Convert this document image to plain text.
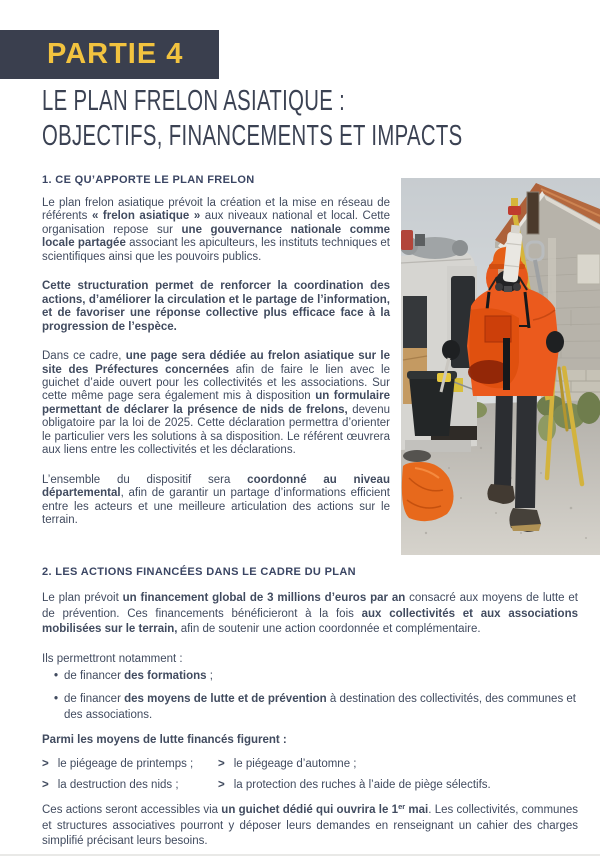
PARTIE 4
LE PLAN FRELON ASIATIQUE :
OBJECTIFS, FINANCEMENTS ET IMPACTS
1. CE QU’APPORTE LE PLAN FRELON

Le plan frelon asiatique prévoit la création et la mise en réseau de référents « frelon asiatique » aux niveaux national et local. Cette organisation repose sur une gouvernance nationale comme locale partagée associant les apiculteurs, les instituts techniques et scientifiques ainsi que les pouvoirs publics.

Cette structuration permet de renforcer la coordination des actions, d’améliorer la circulation et le partage de l’information, et de favoriser une réponse collective plus efficace face à la progression de l’espèce.

Dans ce cadre, une page sera dédiée au frelon asiatique sur le site des Préfectures concernées afin de faire le lien avec le guichet d’aide ouvert pour les collectivités et les associations. Sur cette même page sera également mis à disposition un formulaire permettant de déclarer la présence de nids de frelons, devenu obligatoire par la loi de 2025. Cette déclaration permettra d’orienter le particulier vers les solutions à sa disposition. Le référent œuvrera aux liens entre les collectivités et les déclarations.

L’ensemble du dispositif sera coordonné au niveau départemental, afin de garantir un partage d’informations efficient entre les acteurs et une meilleure articulation des actions sur le terrain.

2. LES ACTIONS FINANCÉES DANS LE CADRE DU PLAN

Le plan prévoit un financement global de 3 millions d’euros par an consacré aux moyens de lutte et de prévention. Ces financements bénéficieront à la fois aux collectivités et aux associations mobilisées sur le terrain, afin de soutenir une action coordonnée et complémentaire.

Ils permettront notamment :

• de financer des formations ;
• de financer des moyens de lutte et de prévention à destination des collectivités, des communes et des associations.

Parmi les moyens de lutte financés figurent :

> le piégeage de printemps ; > le piégeage d’automne ;
> la destruction des nids ;	> la protection des ruches à l’aide de piège sélectifs.

Ces actions seront accessibles via un guichet dédié qui ouvrira le 1er mai. Les collectivités, communes et structures associatives pourront y déposer leurs demandes en renseignant un cahier des charges simplifié précisant leurs besoins.
